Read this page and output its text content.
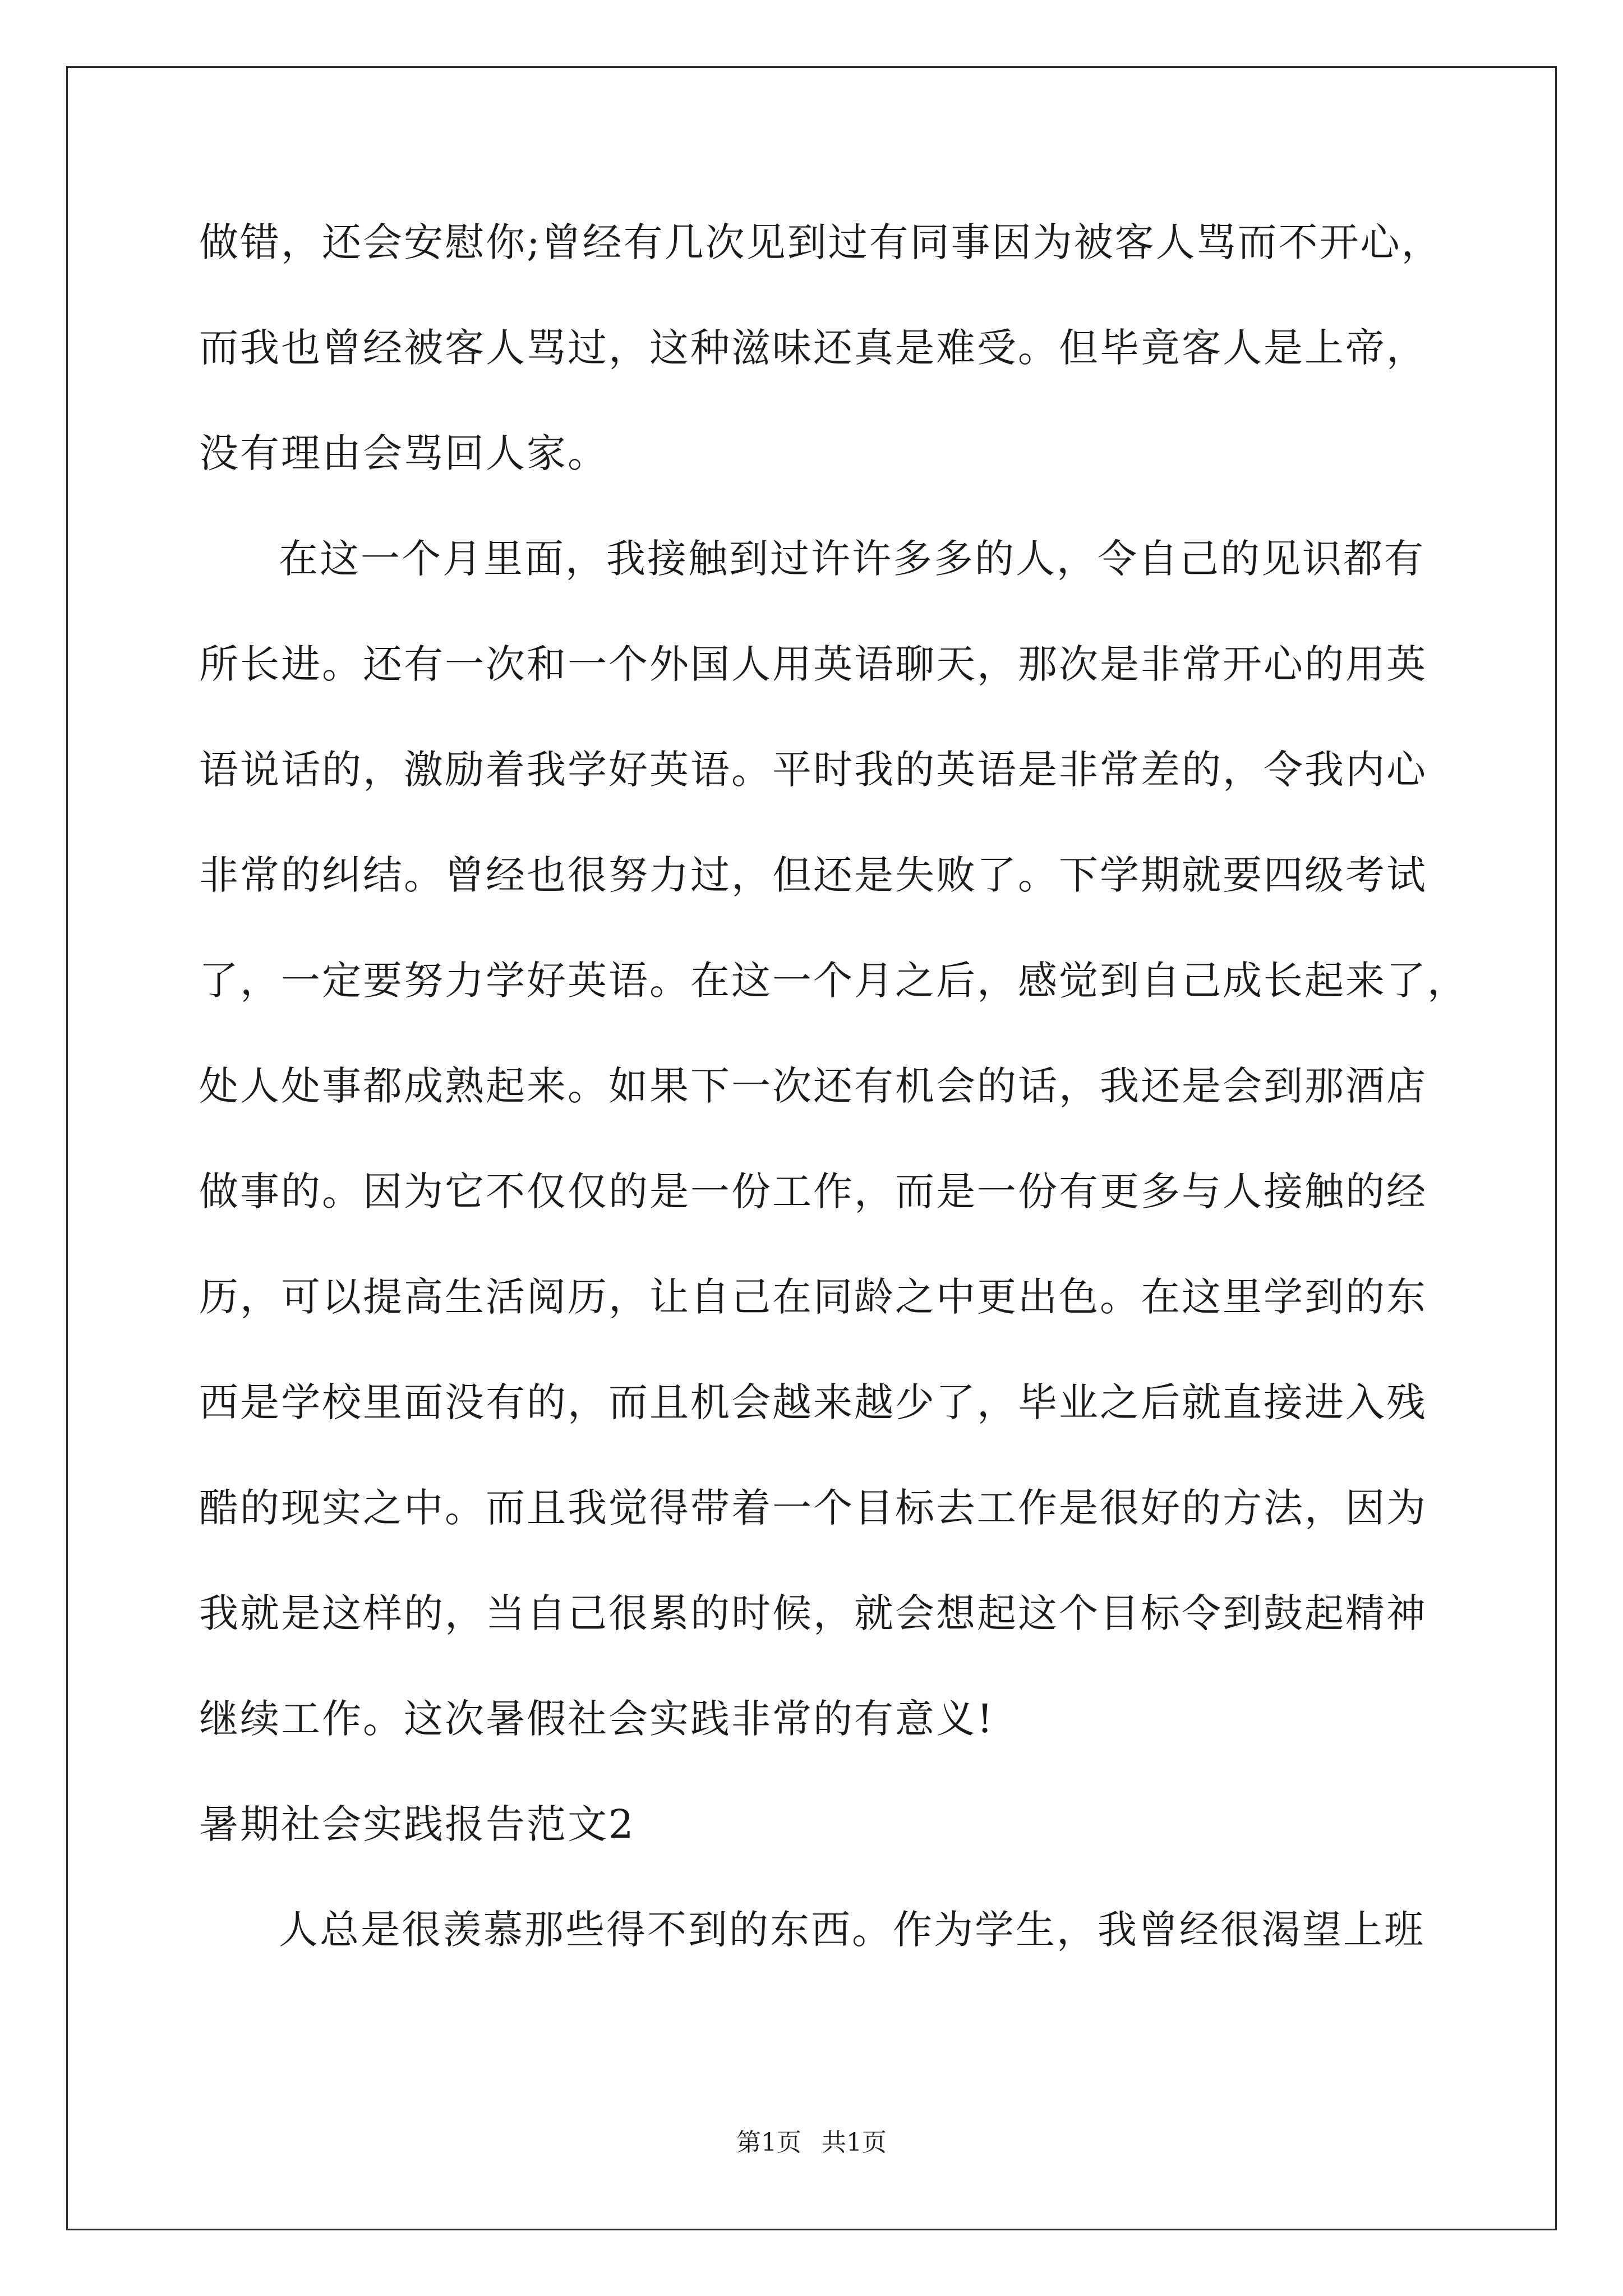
做错，还会安慰你;曾经有几次见到过有同事因为被客人骂而不开心，
而我也曾经被客人骂过，这种滋味还真是难受。但毕竟客人是上帝，
没有理由会骂回人家。
在这一个月里面，我接触到过许许多多的人，令自己的见识都有
所长进。还有一次和一个外国人用英语聊天，那次是非常开心的用英
语说话的，激励着我学好英语。平时我的英语是非常差的，令我内心
非常的纠结。曾经也很努力过，但还是失败了。下学期就要四级考试
了，一定要努力学好英语。在这一个月之后，感觉到自己成长起来了，
处人处事都成熟起来。如果下一次还有机会的话，我还是会到那酒店
做事的。因为它不仅仅的是一份工作，而是一份有更多与人接触的经
历，可以提高生活阅历，让自己在同龄之中更出色。在这里学到的东
西是学校里面没有的，而且机会越来越少了，毕业之后就直接进入残
酷的现实之中。而且我觉得带着一个目标去工作是很好的方法，因为
我就是这样的，当自己很累的时候，就会想起这个目标令到鼓起精神
继续工作。这次暑假社会实践非常的有意义!
暑期社会实践报告范文2
人总是很羡慕那些得不到的东西。作为学生，我曾经很渴望上班
第1页 共1页
